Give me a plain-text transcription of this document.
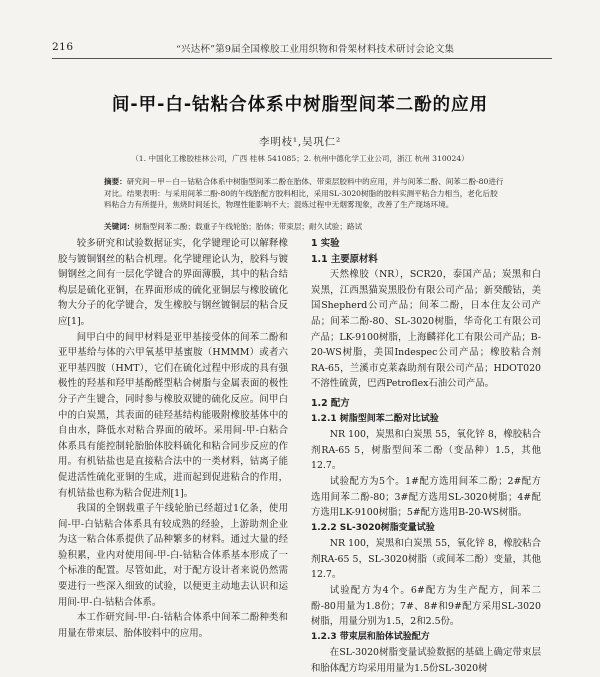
216	“兴达杯”第9届全国橡胶工业用织物和骨架材料技术研讨会论文集
间-甲-白-钴粘合体系中树脂型间苯二酚的应用
李明枝¹,吴巩仁²
（1. 中国化工橡胶桂林公司，广西 桂林 541085；2. 杭州中德化学工业公司，浙江 杭州 310024）
摘要：研究间－甲－白－钴粘合体系中树脂型间苯二酚在胎体、带束层胶料中的应用，并与间苯二酚、间苯二酚-80进行对比。结果表明：与采用间苯二酚-80的午线胎配方胶料相比，采用SL-3020树脂的胶料实测平粘合力相当，老化后胶料粘合力有所提升，焦烧时间延长，物理性能影响不大；混炼过程中无烟雾现象，改善了生产现场环境。
关键词：树脂型间苯二酚；载重子午线轮胎；胎体；带束层；耐久试验；路试

较多研究和试验数据证实，化学键理论可以解释橡胶与镀铜钢丝的粘合机理。化学键理论认为，胶料与镀铜钢丝之间有一层化学键合的界面薄膜，其中的粘合结构层是硫化亚铜，在界面形成的硫化亚铜层与橡胶硫化物大分子的化学键合，发生橡胶与钢丝镀铜层的粘合反应[1]。

间甲白中的间甲材料是亚甲基接受体的间苯二酚和亚甲基给与体的六甲氧基甲基蜜胺（HMMM）或者六亚甲基四胺（HMT），它们在硫化过程中形成的具有强极性的羟基和羟甲基酚醛型粘合树脂与金属表面的极性分子产生键合，同时参与橡胶双键的硫化反应。间甲白中的白炭黑，其表面的硅羟基结构能吸附橡胶基体中的自由水，降低水对粘合界面的破坏。采用间-甲-白粘合体系具有能控制轮胎胎体胶料硫化和粘合同步反应的作用。有机钴盐也是直接粘合法中的一类材料，钴离子能促进活性硫化亚铜的生成，进而起到促进粘合的作用，有机钴盐也称为粘合促进剂[1]。

我国的全钢载重子午线轮胎已经超过1亿条，使用间-甲-白钴粘合体系具有较成熟的经验，上游助剂企业为这一粘合体系提供了品种繁多的材料。通过大量的经验积累，业内对使用间-甲-白-钴粘合体系基本形成了一个标准的配置。尽管如此，对于配方设计者来说仍然需要进行一些深入细致的试验，以便更主动地去认识和运用间-甲-白-钴粘合体系。

本工作研究间-甲-白-钴粘合体系中间苯二酚种类和用量在带束层、胎体胶料中的应用。

1 实验
1.1 主要原材料

天然橡胶（NR），SCR20，泰国产品；炭黑和白炭黑，江西黑猫炭黑股份有限公司产品；新癸酸钴，美国Shepherd公司产品；间苯二酚，日本住友公司产品；间苯二酚-80、SL-3020树脂，华奇化工有限公司产品；LK-9100树脂，上海麟祥化工有限公司产品；B-20-WS树脂，美国Indespec公司产品；橡胶粘合剂RA-65，兰溪市克莱森助剂有限公司产品；HDOT020不溶性硫黄，巴西Petroflex石油公司产品。

1.2 配方
1.2.1 树脂型间苯二酚对比试验

NR 100，炭黑和白炭黑 55，氧化锌 8，橡胶粘合剂RA-65 5，树脂型间苯二酚（变品种）1.5，其他 12.7。

试验配方为5个。1#配方选用间苯二酚；2#配方选用间苯二酚-80；3#配方选用SL-3020树脂；4#配方选用LK-9100树脂；5#配方选用B-20-WS树脂。

1.2.2 SL-3020树脂变量试验

NR 100，炭黑和白炭黑 55，氧化锌 8，橡胶粘合剂RA-65 5，SL-3020树脂（或间苯二酚）变量，其他 12.7。

试验配方为4个。6#配方为生产配方，间苯二酚-80用量为1.8份；7#、8#和9#配方采用SL-3020树脂，用量分别为1.5，2和2.5份。

1.2.3 带束层和胎体试验配方

在SL-3020树脂变量试验数据的基础上确定带束层和胎体配方均采用用量为1.5份SL-3020树
